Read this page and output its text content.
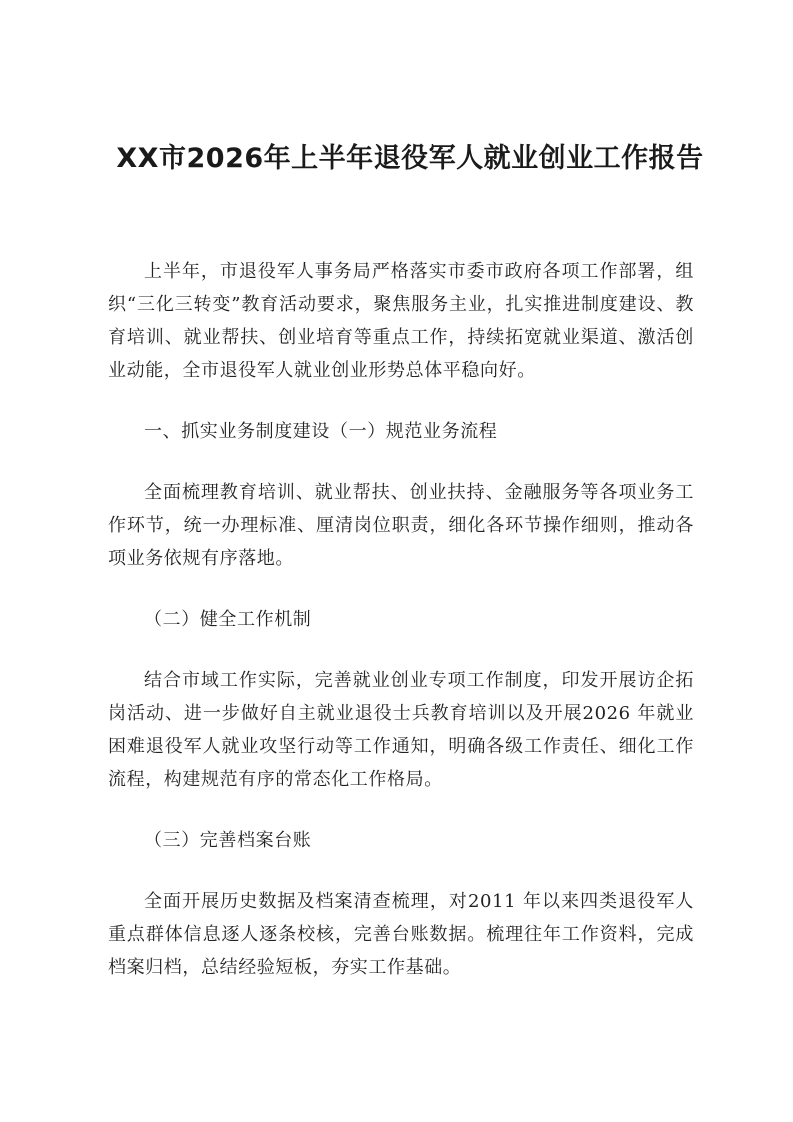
XX市2026年上半年退役军人就业创业工作报告

上半年，市退役军人事务局严格落实市委市政府各项工作部署，组织“三化三转变”教育活动要求，聚焦服务主业，扎实推进制度建设、教育培训、就业帮扶、创业培育等重点工作，持续拓宽就业渠道、激活创业动能，全市退役军人就业创业形势总体平稳向好。

一、抓实业务制度建设（一）规范业务流程

全面梳理教育培训、就业帮扶、创业扶持、金融服务等各项业务工作环节，统一办理标准、厘清岗位职责，细化各环节操作细则，推动各项业务依规有序落地。

（二）健全工作机制

结合市域工作实际，完善就业创业专项工作制度，印发开展访企拓岗活动、进一步做好自主就业退役士兵教育培训以及开展2026 年就业困难退役军人就业攻坚行动等工作通知，明确各级工作责任、细化工作流程，构建规范有序的常态化工作格局。

（三）完善档案台账

全面开展历史数据及档案清查梳理，对2011 年以来四类退役军人重点群体信息逐人逐条校核，完善台账数据。梳理往年工作资料，完成档案归档，总结经验短板，夯实工作基础。
